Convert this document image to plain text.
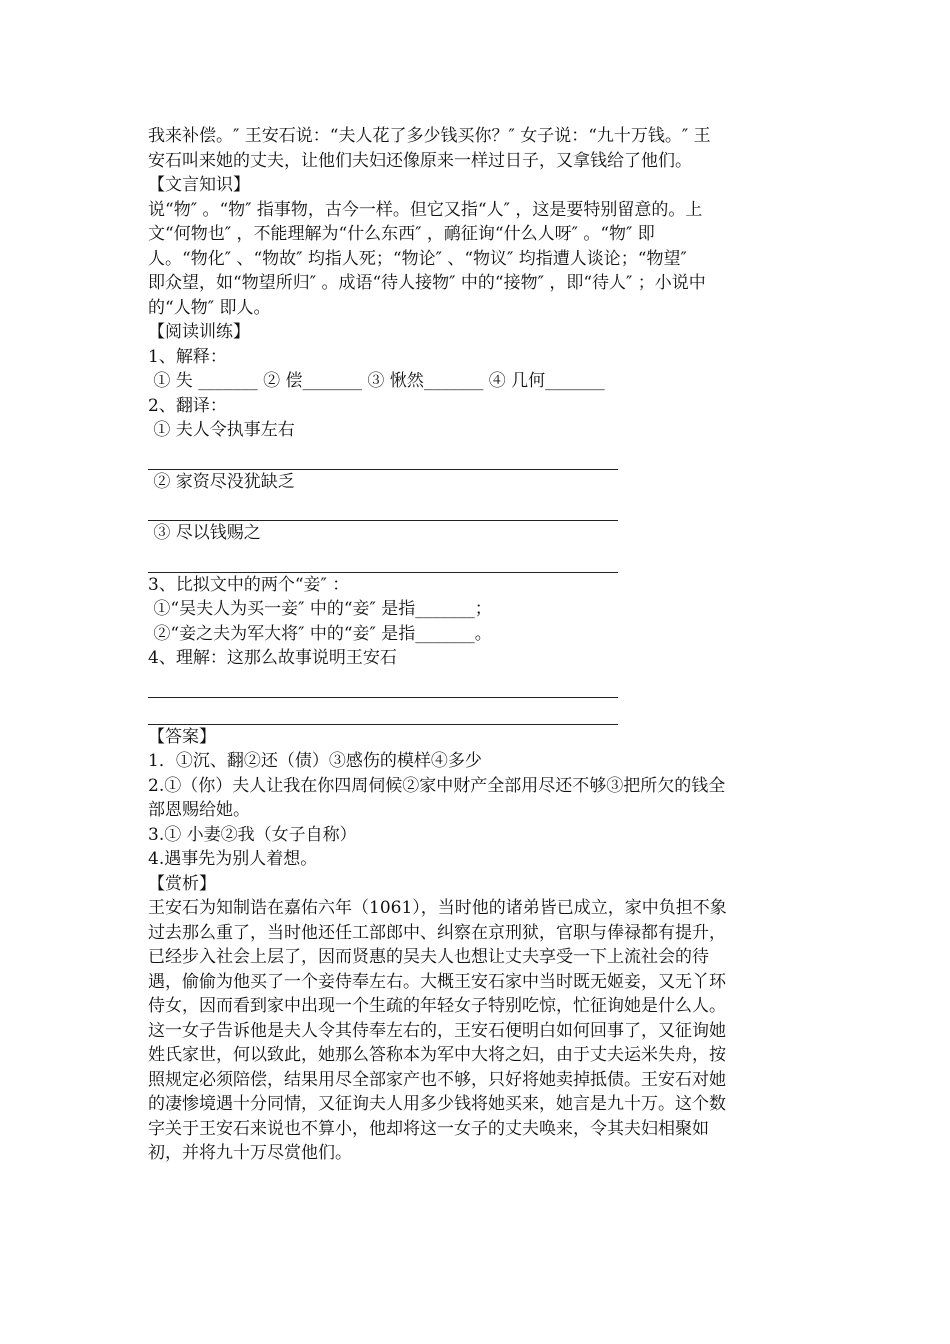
我来补偿。″ 王安石说：“夫人花了多少钱买你？″ 女子说：“九十万钱。″ 王
安石叫来她的丈夫，让他们夫妇还像原来一样过日子，又拿钱给了他们。
【文言知识】
说“物″ 。“物″ 指事物，古今一样。但它又指“人″ ，这是要特别留意的。上
文“何物也″ ，不能理解为“什么东西″ ，鸸征询“什么人呀″ 。“物″ 即
人。“物化″ 、“物故″ 均指人死；“物论″ 、“物议″ 均指遭人谈论；“物望″
即众望，如“物望所归″ 。成语“待人接物″ 中的“接物″ ，即“待人″ ；小说中
的“人物″ 即人。
【阅读训练】
1、解释：
① 失 _______ ② 偿_______ ③ 愀然_______ ④ 几何_______
2、翻译：
① 夫人令执事左右
② 家资尽没犹缺乏
③ 尽以钱赐之
3、比拟文中的两个“妾″ ：
①“吴夫人为买一妾″ 中的“妾″ 是指_______；
②“妾之夫为军大将″ 中的“妾″ 是指_______。
4、理解：这那么故事说明王安石
【答案】
1．①沉、翻②还（债）③感伤的模样④多少
2.①（你）夫人让我在你四周伺候②家中财产全部用尽还不够③把所欠的钱全
部恩赐给她。
3.① 小妻②我（女子自称）
4.遇事先为别人着想。
【赏析】
王安石为知制诰在嘉佑六年（1061），当时他的诸弟皆已成立，家中负担不象
过去那么重了，当时他还任工部郎中、纠察在京刑狱，官职与俸禄都有提升，
已经步入社会上层了，因而贤惠的吴夫人也想让丈夫享受一下上流社会的待
遇，偷偷为他买了一个妾侍奉左右。大概王安石家中当时既无姬妾，又无丫环
侍女，因而看到家中出现一个生疏的年轻女子特别吃惊，忙征询她是什么人。
这一女子告诉他是夫人令其侍奉左右的，王安石便明白如何回事了，又征询她
姓氏家世，何以致此，她那么答称本为军中大将之妇，由于丈夫运米失舟，按
照规定必须陪偿，结果用尽全部家产也不够，只好将她卖掉抵债。王安石对她
的凄惨境遇十分同情，又征询夫人用多少钱将她买来，她言是九十万。这个数
字关于王安石来说也不算小，他却将这一女子的丈夫唤来，令其夫妇相聚如
初，并将九十万尽赏他们。
